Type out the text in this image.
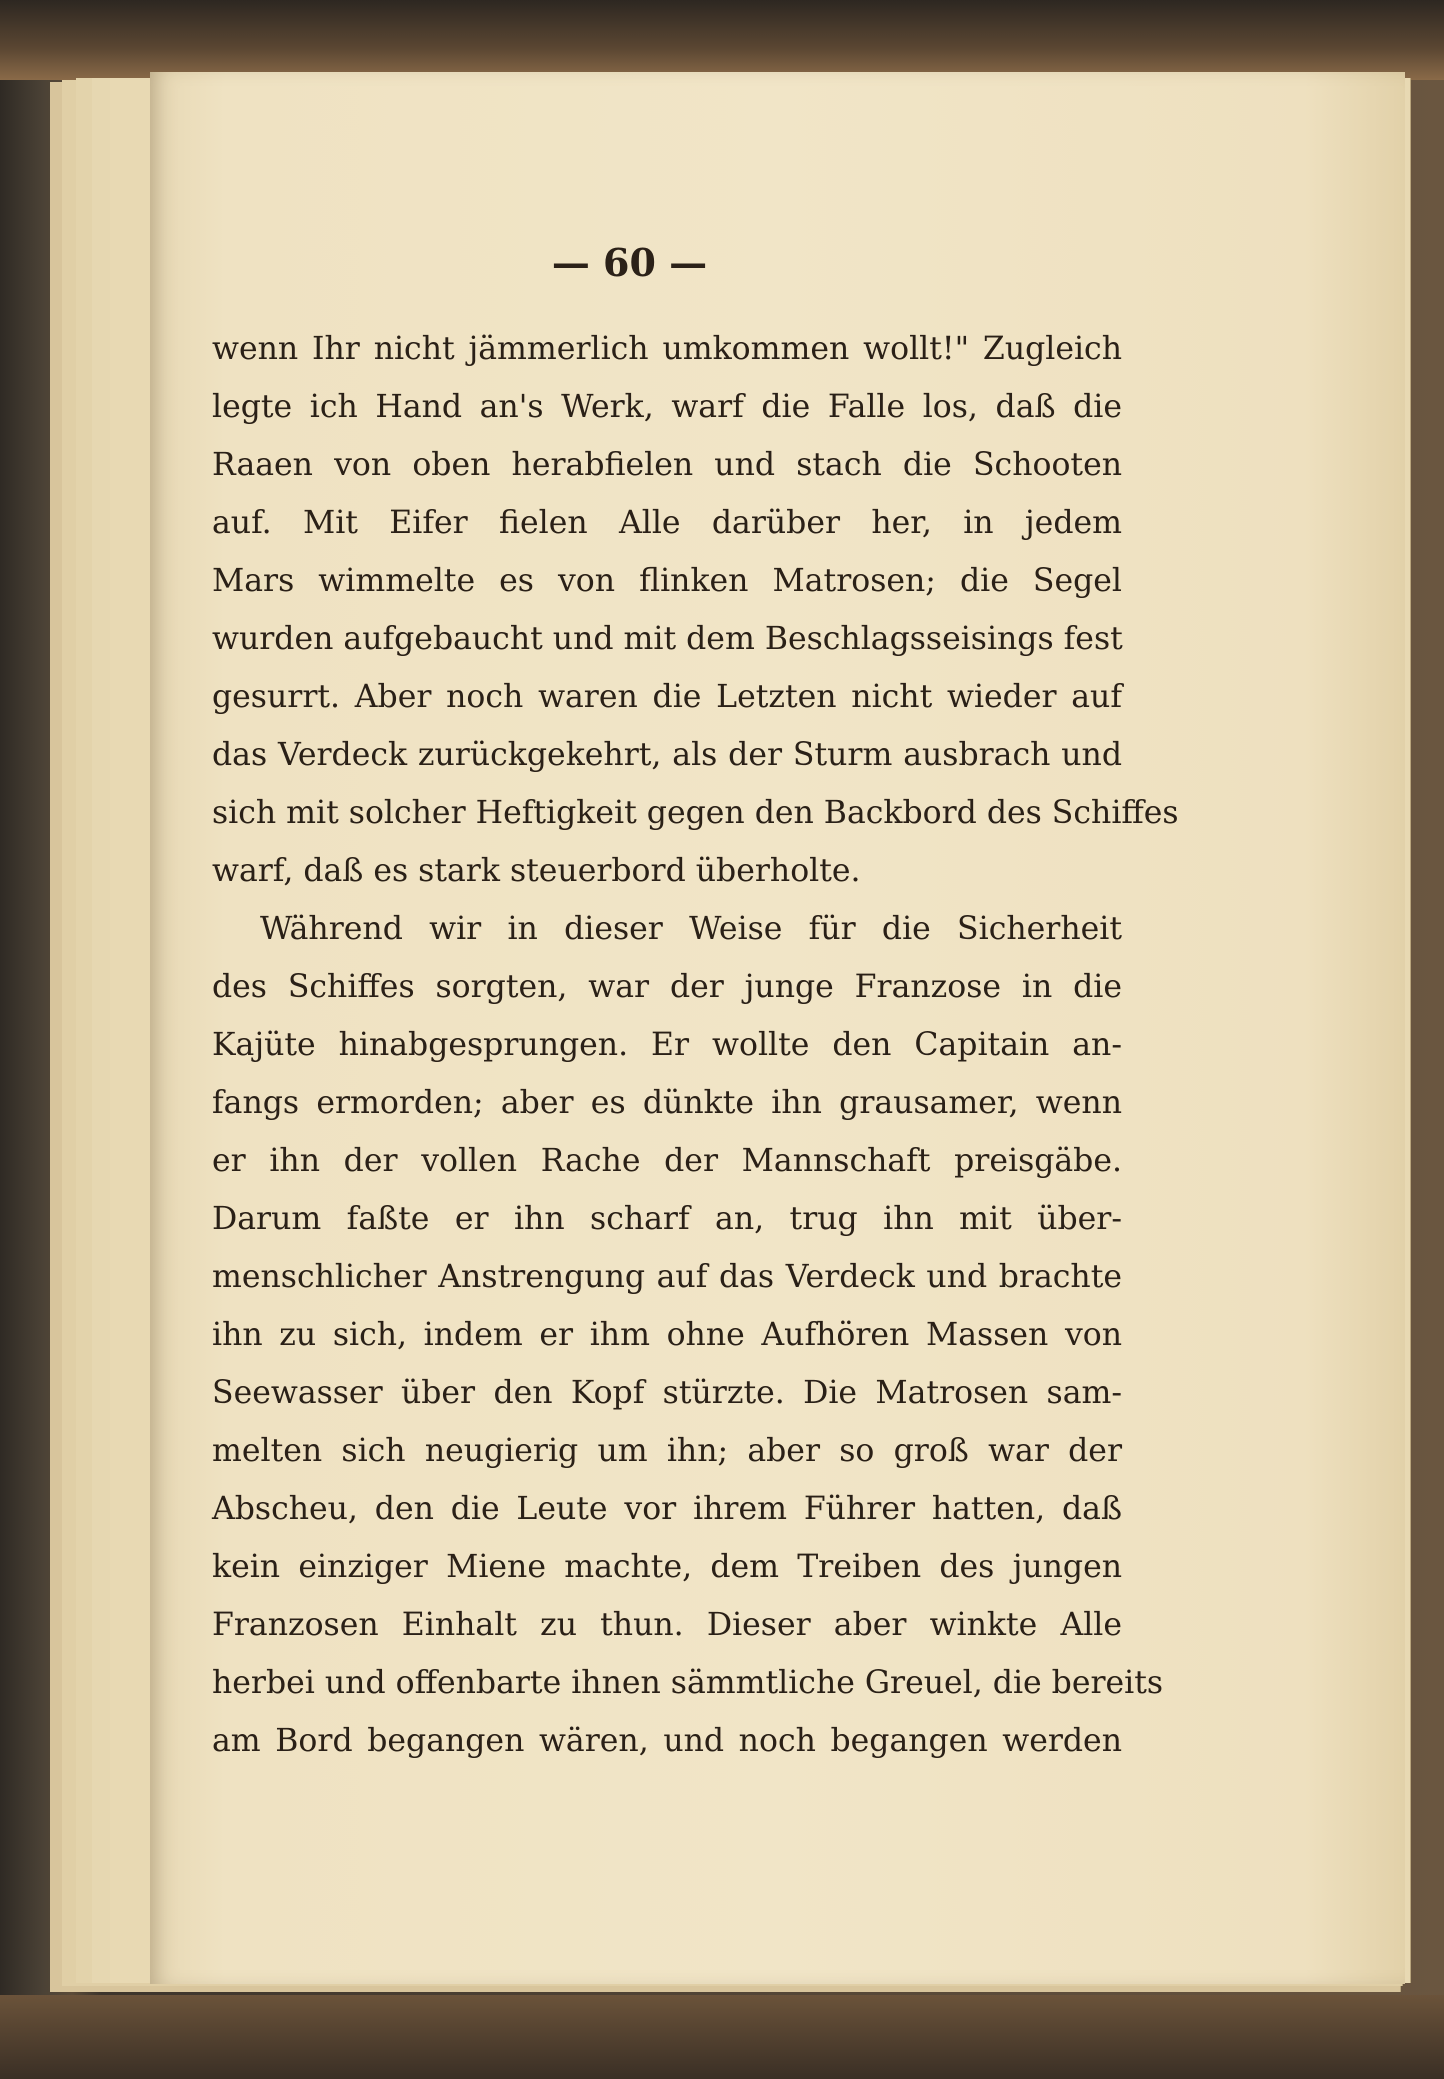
— 60 —
wenn Ihr nicht jämmerlich umkommen wollt!" Zugleich
legte ich Hand an's Werk, warf die Falle los, daß die
Raaen von oben herabfielen und stach die Schooten
auf. Mit Eifer fielen Alle darüber her, in jedem
Mars wimmelte es von flinken Matrosen; die Segel
wurden aufgebaucht und mit dem Beschlagsseisings fest
gesurrt. Aber noch waren die Letzten nicht wieder auf
das Verdeck zurückgekehrt, als der Sturm ausbrach und
sich mit solcher Heftigkeit gegen den Backbord des Schiffes
warf, daß es stark steuerbord überholte.
Während wir in dieser Weise für die Sicherheit
des Schiffes sorgten, war der junge Franzose in die
Kajüte hinabgesprungen. Er wollte den Capitain an-
fangs ermorden; aber es dünkte ihn grausamer, wenn
er ihn der vollen Rache der Mannschaft preisgäbe.
Darum faßte er ihn scharf an, trug ihn mit über-
menschlicher Anstrengung auf das Verdeck und brachte
ihn zu sich, indem er ihm ohne Aufhören Massen von
Seewasser über den Kopf stürzte. Die Matrosen sam-
melten sich neugierig um ihn; aber so groß war der
Abscheu, den die Leute vor ihrem Führer hatten, daß
kein einziger Miene machte, dem Treiben des jungen
Franzosen Einhalt zu thun. Dieser aber winkte Alle
herbei und offenbarte ihnen sämmtliche Greuel, die bereits
am Bord begangen wären, und noch begangen werden
